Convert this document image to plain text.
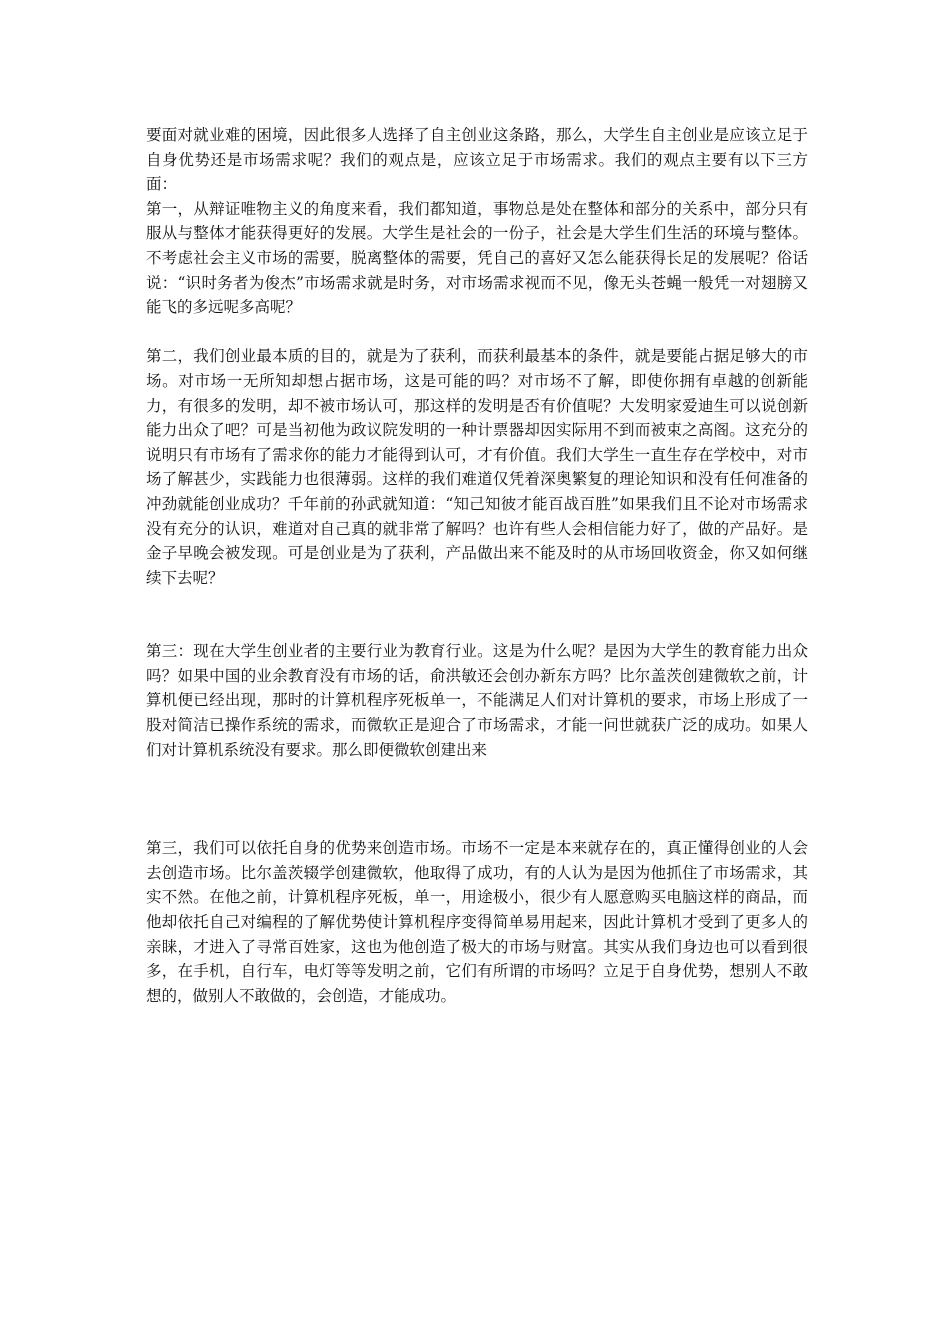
要面对就业难的困境，因此很多人选择了自主创业这条路，那么，大学生自主创业是应该立足于自身优势还是市场需求呢？我们的观点是，应该立足于市场需求。我们的观点主要有以下三方面：

第一，从辩证唯物主义的角度来看，我们都知道，事物总是处在整体和部分的关系中，部分只有服从与整体才能获得更好的发展。大学生是社会的一份子，社会是大学生们生活的环境与整体。不考虑社会主义市场的需要，脱离整体的需要，凭自己的喜好又怎么能获得长足的发展呢？俗话说：“识时务者为俊杰”市场需求就是时务，对市场需求视而不见，像无头苍蝇一般凭一对翅膀又能飞的多远呢多高呢？

第二，我们创业最本质的目的，就是为了获利，而获利最基本的条件，就是要能占据足够大的市场。对市场一无所知却想占据市场，这是可能的吗？对市场不了解，即使你拥有卓越的创新能力，有很多的发明，却不被市场认可，那这样的发明是否有价值呢？大发明家爱迪生可以说创新能力出众了吧？可是当初他为政议院发明的一种计票器却因实际用不到而被束之高阁。这充分的说明只有市场有了需求你的能力才能得到认可，才有价值。我们大学生一直生存在学校中，对市场了解甚少，实践能力也很薄弱。这样的我们难道仅凭着深奥繁复的理论知识和没有任何准备的冲劲就能创业成功？千年前的孙武就知道：“知己知彼才能百战百胜”如果我们且不论对市场需求没有充分的认识，难道对自己真的就非常了解吗？也许有些人会相信能力好了，做的产品好。是金子早晚会被发现。可是创业是为了获利，产品做出来不能及时的从市场回收资金，你又如何继续下去呢？

第三：现在大学生创业者的主要行业为教育行业。这是为什么呢？是因为大学生的教育能力出众吗？如果中国的业余教育没有市场的话，俞洪敏还会创办新东方吗？比尔盖茨创建微软之前，计算机便已经出现，那时的计算机程序死板单一，不能满足人们对计算机的要求，市场上形成了一股对简洁已操作系统的需求，而微软正是迎合了市场需求，才能一问世就获广泛的成功。如果人们对计算机系统没有要求。那么即便微软创建出来

第三，我们可以依托自身的优势来创造市场。市场不一定是本来就存在的，真正懂得创业的人会去创造市场。比尔盖茨辍学创建微软，他取得了成功，有的人认为是因为他抓住了市场需求，其实不然。在他之前，计算机程序死板，单一，用途极小，很少有人愿意购买电脑这样的商品，而他却依托自己对编程的了解优势使计算机程序变得简单易用起来，因此计算机才受到了更多人的亲睐，才进入了寻常百姓家，这也为他创造了极大的市场与财富。其实从我们身边也可以看到很多，在手机，自行车，电灯等等发明之前，它们有所谓的市场吗？立足于自身优势，想别人不敢想的，做别人不敢做的，会创造，才能成功。
